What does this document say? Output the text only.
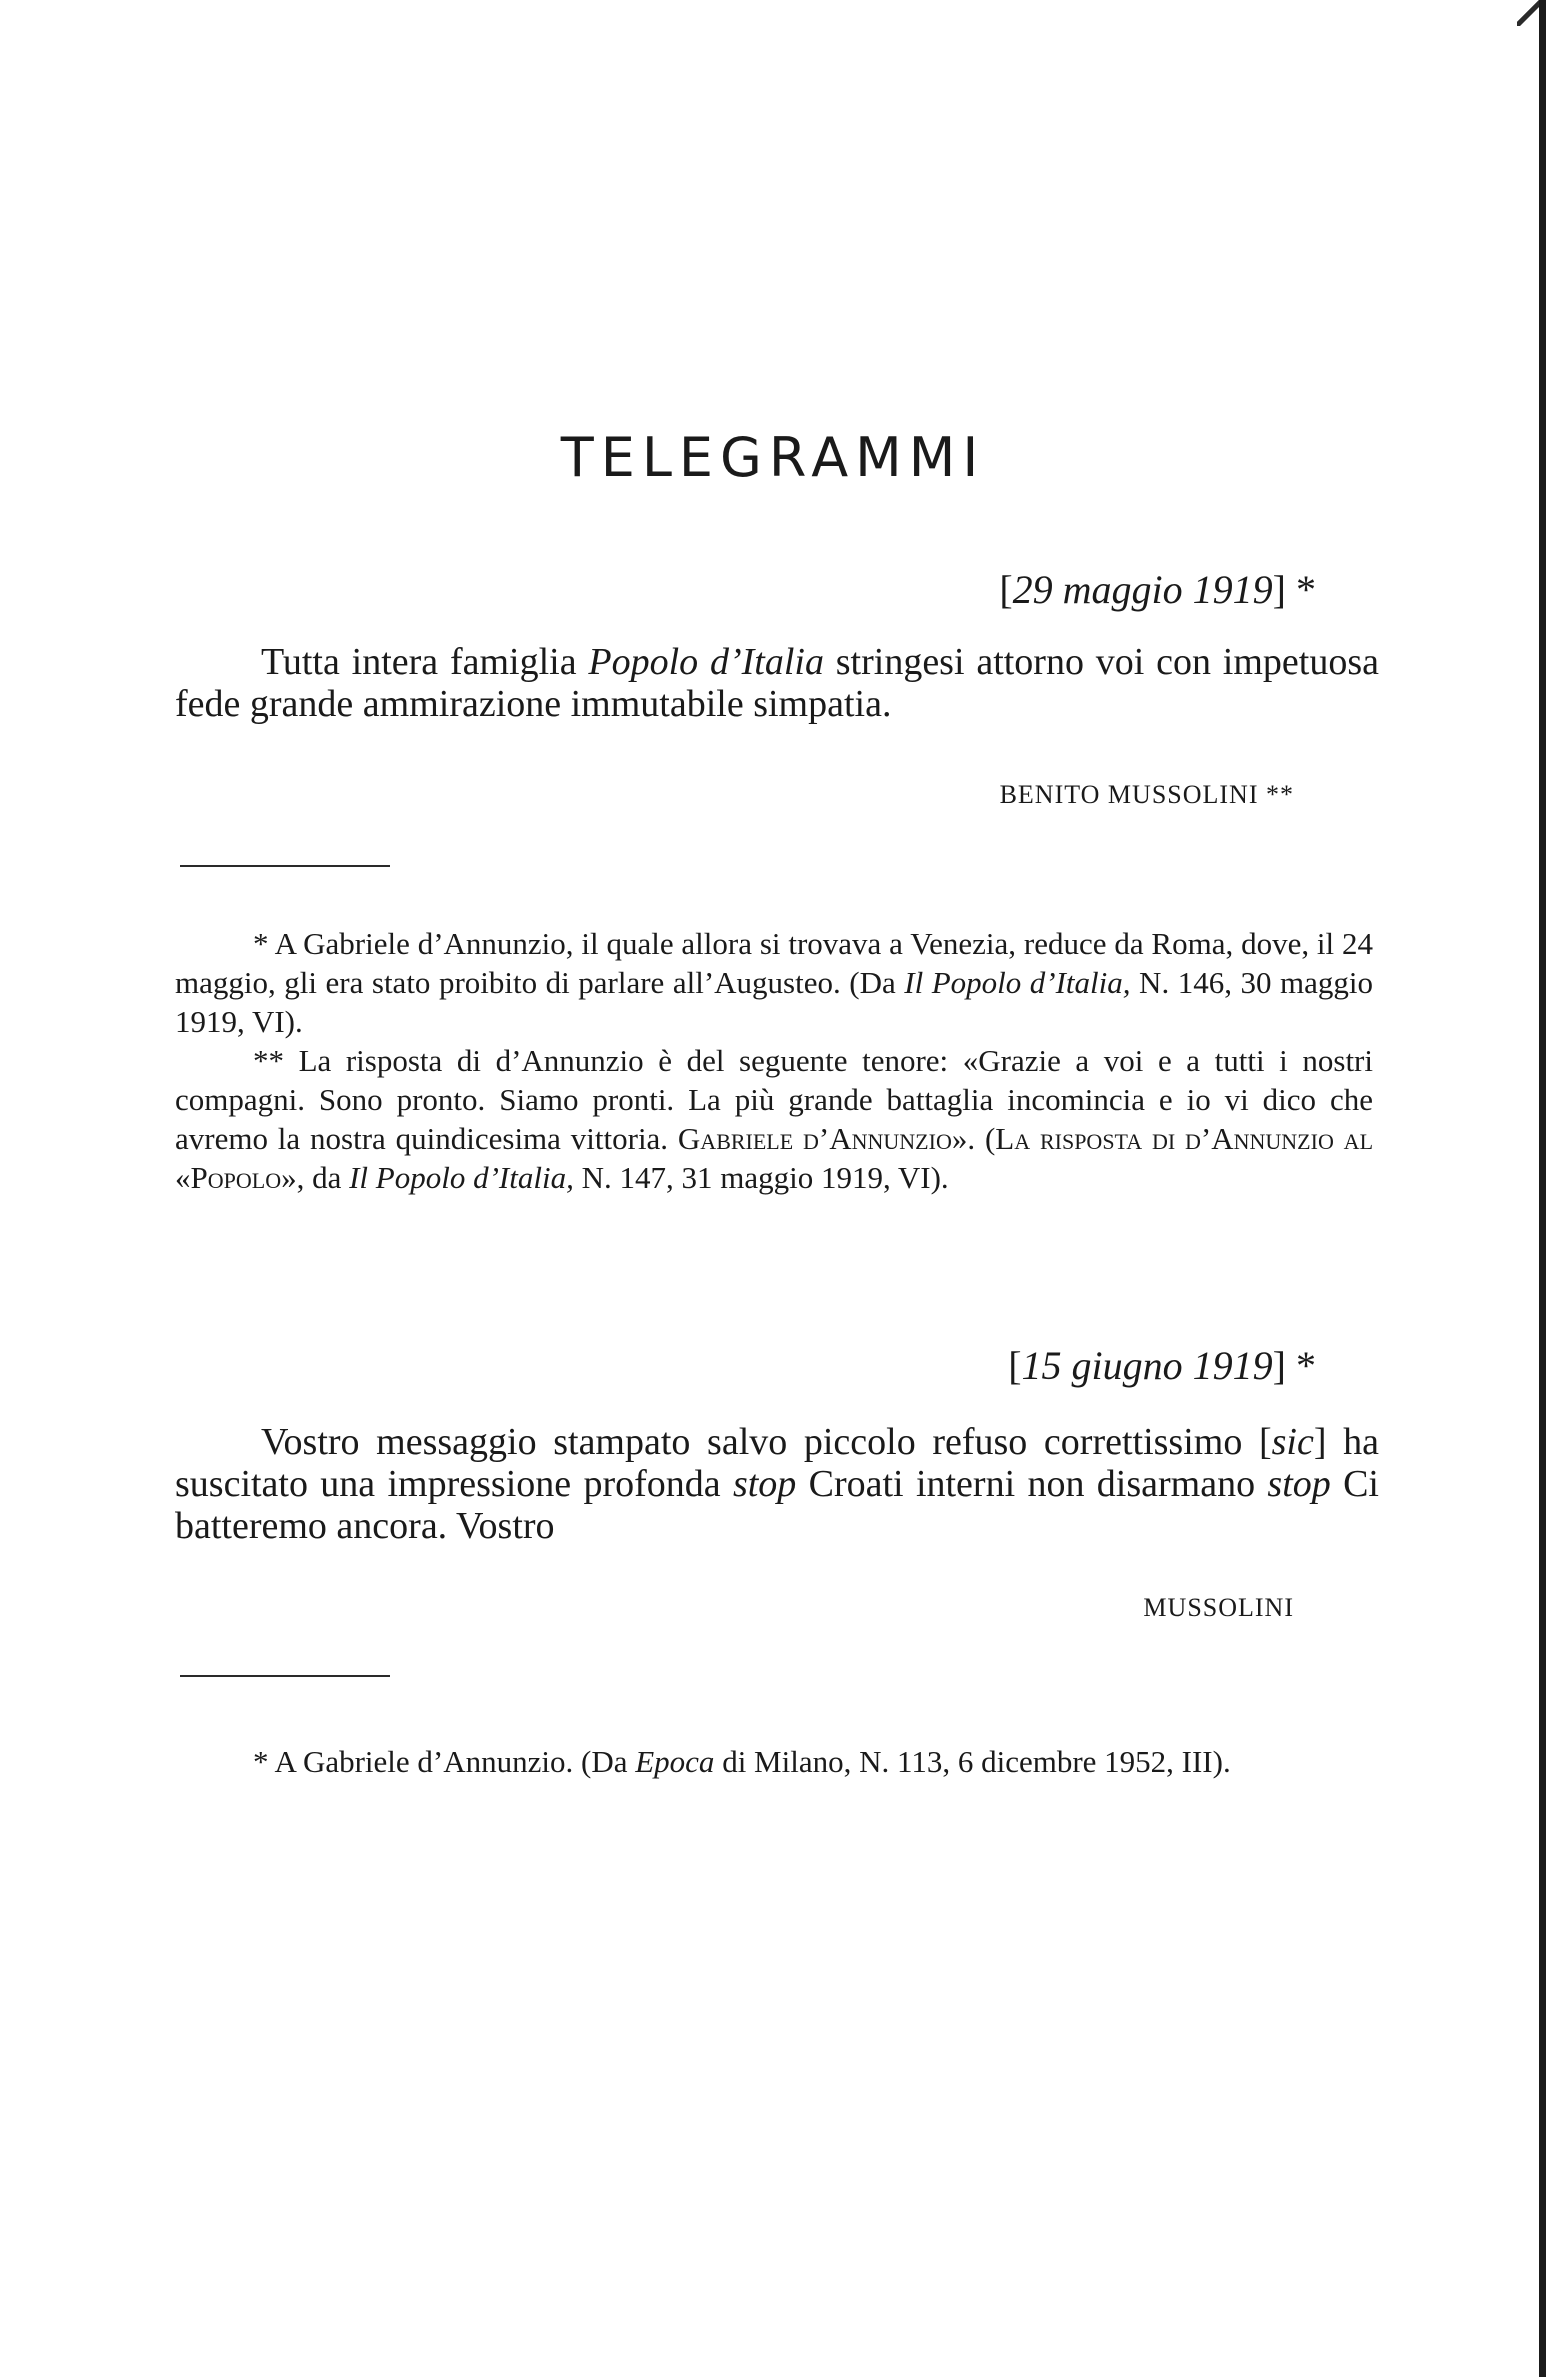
TELEGRAMMI
[29 maggio 1919] *

Tutta intera famiglia Popolo d’Italia stringesi attorno voi con impetuosa fede grande ammirazione immutabile simpatia.

BENITO MUSSOLINI **

* A Gabriele d’Annunzio, il quale allora si trovava a Venezia, reduce da Roma, dove, il 24 maggio, gli era stato proibito di parlare all’Augusteo. (Da Il Popolo d’Italia, N. 146, 30 maggio 1919, VI).

** La risposta di d’Annunzio è del seguente tenore: «Grazie a voi e a tutti i nostri compagni. Sono pronto. Siamo pronti. La più grande battaglia incomincia e io vi dico che avremo la nostra quindicesima vittoria. Gabriele d’Annunzio». (La risposta di d’Annunzio al «Popolo», da Il Popolo d’Italia, N. 147, 31 maggio 1919, VI).

[15 giugno 1919] *

Vostro messaggio stampato salvo piccolo refuso correttissimo [sic] ha suscitato una impressione profonda stop Croati interni non disarmano stop Ci batteremo ancora. Vostro

MUSSOLINI

* A Gabriele d’Annunzio. (Da Epoca di Milano, N. 113, 6 dicembre 1952, III).
